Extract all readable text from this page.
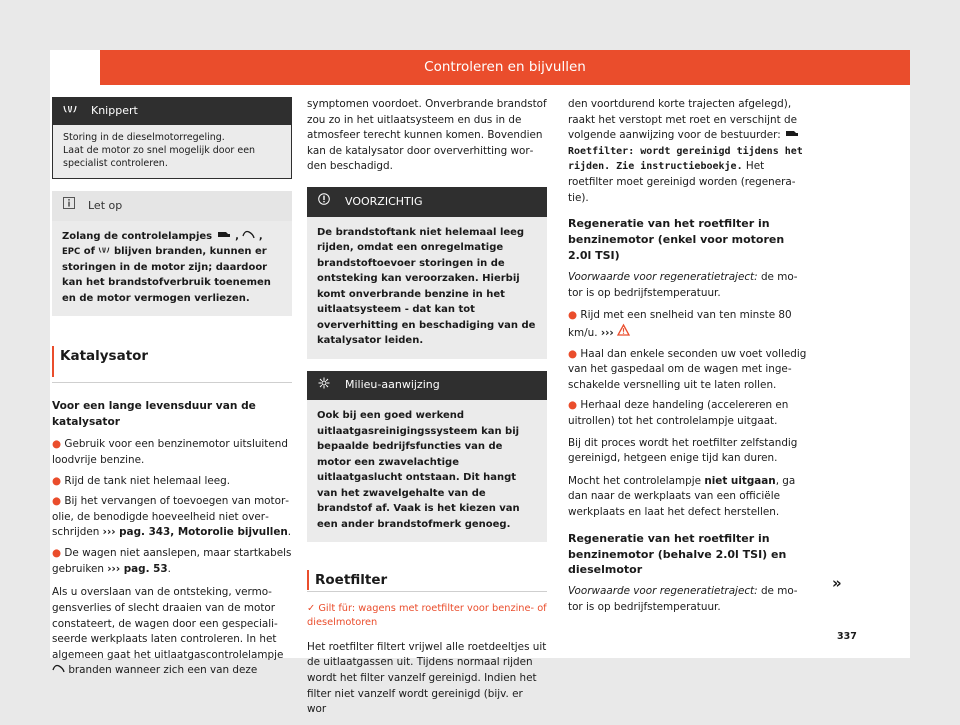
Controleren en bijvullen
Knippert
Storing in de dieselmotorregeling.
Laat de motor zo snel mogelijk door een specialist controleren.
Let op
Zolang de controlelampjes , , EPC of blijven branden, kunnen er storingen in de motor zijn; daardoor kan het brandstofverbruik toenemen en de motor vermogen verliezen.
Katalysator

Voor een lange levensduur van de katalysator

● Gebruik voor een benzinemotor uitsluitend loodvrije benzine.
● Rijd de tank niet helemaal leeg.
● Bij het vervangen of toevoegen van motorolie, de benodigde hoeveelheid niet overschrijden ››› pag. 343, Motorolie bijvullen.
● De wagen niet aanslepen, maar startkabels gebruiken ››› pag. 53.

Als u overslaan van de ontsteking, vermogensverlies of slecht draaien van de motor constateert, de wagen door een gespecialiseerde werkplaats laten controleren. In het algemeen gaat het uitlaatgascontrolelampje  branden wanneer zich een van deze

symptomen voordoet. Onverbrande brandstof zou zo in het uitlaatsysteem en dus in de atmosfeer terecht kunnen komen. Bovendien kan de katalysator door oververhitting worden beschadigd.

VOORZICHTIG
De brandstoftank niet helemaal leeg rijden, omdat een onregelmatige brandstoftoevoer storingen in de ontsteking kan veroorzaken. Hierbij komt onverbrande benzine in het uitlaatsysteem - dat kan tot oververhitting en beschadiging van de katalysator leiden.
Milieu-aanwijzing
Ook bij een goed werkend uitlaatgasreinigingssysteem kan bij bepaalde bedrijfsfuncties van de motor een zwavelachtige uitlaatgaslucht ontstaan. Dit hangt van het zwavelgehalte van de brandstof af. Vaak is het kiezen van een ander brandstofmerk genoeg.
Roetfilter
✓ Gilt für: wagens met roetfilter voor benzine- of dieselmotoren

Het roetfilter filtert vrijwel alle roetdeeltjes uit de uitlaatgassen uit. Tijdens normaal rijden wordt het filter vanzelf gereinigd. Indien het filter niet vanzelf wordt gereinigd (bijv. er wor

den voortdurend korte trajecten afgelegd), raakt het verstopt met roet en verschijnt de volgende aanwijzing voor de bestuurder:  Roetfilter: wordt gereinigd tijdens het rijden. Zie instructieboekje. Het roetfilter moet gereinigd worden (regeneratie).

Regeneratie van het roetfilter in benzinemotor (enkel voor motoren 2.0l TSI)

Voorwaarde voor regeneratietraject: de motor is op bedrijfstemperatuur.

● Rijd met een snelheid van ten minste 80 km/u. ›››
● Haal dan enkele seconden uw voet volledig van het gaspedaal om de wagen met ingeschakelde versnelling uit te laten rollen.
● Herhaal deze handeling (accelereren en uitrollen) tot het controlelampje uitgaat.

Bij dit proces wordt het roetfilter zelfstandig gereinigd, hetgeen enige tijd kan duren.

Mocht het controlelampje niet uitgaan, ga dan naar de werkplaats van een officiële werkplaats en laat het defect herstellen.

Regeneratie van het roetfilter in benzinemotor (behalve 2.0l TSI) en dieselmotor

Voorwaarde voor regeneratietraject: de motor is op bedrijfstemperatuur.

»
337
